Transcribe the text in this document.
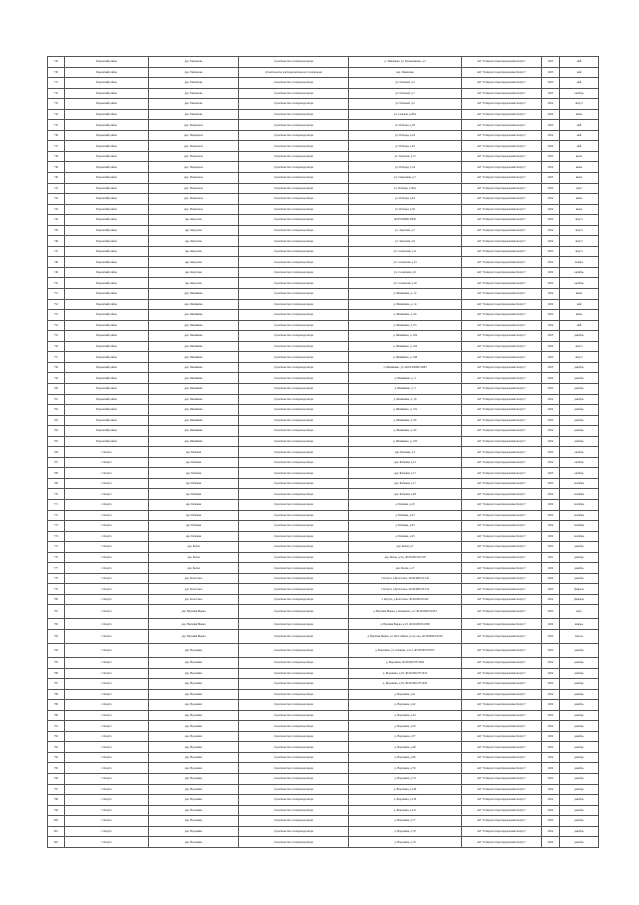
729	Боровский район	дер. Тимашово	строительство газопровода ввода	д. Тимашово, ул. Бельшенкова, д.3	АО "Газпром газораспределение Калуга"	2023	май
730	Боровский район	дер. Тимашово	строительство распределительного газопровода	дер. Тимашово	АО "Газпром газораспределение Калуга"	2023	май
731	Боровский район	дер. Тимашово	строительство газопровода ввода	ул. Полевой, д.3	АО "Газпром газораспределение Калуга"	2023	май
732	Боровский район	дер. Тимашово	строительство газопровода ввода	ул. Полевой, д.7	АО "Газпром газораспределение Калуга"	2023	октябрь
733	Боровский район	дер. Тимашово	строительство газопровода ввода	ул. Полевой, д.5	АО "Газпром газораспределение Калуга"	2022	август
734	Боровский район	дер. Тимашово	строительство газопровода ввода	ул. Садовая, д.45А	АО "Газпром газораспределение Калуга"	2022	июнь
735	Боровский район	дер. Уваровское	строительство газопровода ввода	ул. Победы, д.39	АО "Газпром газораспределение Калуга"	2022	май
736	Боровский район	дер. Уваровское	строительство газопровода ввода	ул. Победы, д.43	АО "Газпром газораспределение Калуга"	2022	май
737	Боровский район	дер. Уваровское	строительство газопровода ввода	ул. Победы, д.45	АО "Газпром газораспределение Калуга"	2022	май
738	Боровский район	дер. Уваровское	строительство газопровода ввода	ул. Заречная, д.13	АО "Газпром газораспределение Калуга"	2023	июль
739	Боровский район	дер. Уваровское	строительство газопровода ввода	ул. Победы, д.34	АО "Газпром газораспределение Калуга"	2022	июнь
740	Боровский район	дер. Уваровское	строительство газопровода ввода	ул. Сиреневая, д.7	АО "Газпром газораспределение Калуга"	2023	июнь
741	Боровский район	дер. Уваровское	строительство газопровода ввода	ул. Победы, д.50А	АО "Газпром газораспределение Калуга"	2022	март
742	Боровский район	дер. Уваровское	строительство газопровода ввода	ул. Победы, д.43	АО "Газпром газораспределение Калуга"	2022	июнь
743	Боровский район	дер. Уваровское	строительство газопровода ввода	ул. Победы, д.50	АО "Газпром газораспределение Калуга"	2022	июнь
744	Боровский район	дер. Федотово	строительство газопровода ввода	40:03:040001:0030	АО "Газпром газораспределение Калуга"	2022	август
745	Боровский район	дер. Федотово	строительство газопровода ввода	ул. Заречная, д.7	АО "Газпром газораспределение Калуга"	2022	август
746	Боровский район	дер. Федотово	строительство газопровода ввода	ул. Заречная, д.9	АО "Газпром газораспределение Калуга"	2022	август
747	Боровский район	дер. Федотово	строительство газопровода ввода	ул. Солнечная, д.11	АО "Газпром газораспределение Калуга"	2023	август
748	Боровский район	дер. Федотово	строительство газопровода ввода	ул. Солнечная, д.13	АО "Газпром газораспределение Калуга"	2022	ноябрь
749	Боровский район	дер. Федотово	строительство газопровода ввода	ул. Солнечная, д.9	АО "Газпром газораспределение Калуга"	2022	октябрь
750	Боровский район	дер. Федотово	строительство газопровода ввода	ул. Солнечная, д.16	АО "Газпром газораспределение Калуга"	2022	октябрь
751	Боровский район	дер. Шемякино	строительство газопровода ввода	д. Шемякино, д. 12	АО "Газпром газораспределение Калуга"	2022	июнь
752	Боровский район	дер. Шемякино	строительство газопровода ввода	д. Шемякино, д. 14	АО "Газпром газораспределение Калуга"	2022	май
753	Боровский район	дер. Шемякино	строительство газопровода ввода	д. Шемякино, д. 60	АО "Газпром газораспределение Калуга"	2022	июнь
754	Боровский район	дер. Шемякино	строительство газопровода ввода	д. Шемякино, д. 63	АО "Газпром газораспределение Калуга"	2022	май
755	Боровский район	дер. Шемякино	строительство газопровода ввода	д. Шемякино, д. 104	АО "Газпром газораспределение Калуга"	2023	декабрь
756	Боровский район	дер. Шемякино	строительство газопровода ввода	д. Шемякино, д. 104	АО "Газпром газораспределение Калуга"	2022	август
757	Боровский район	дер. Шемякино	строительство газопровода ввода	д. Шемякино, д. 108	АО "Газпром газораспределение Калуга"	2022	август
758	Боровский район	дер. Шемякино	строительство газопровода ввода	д. Шемякино, уч. 40:03:020801:0083	АО "Газпром газораспределение Калуга"	2023	декабрь
759	Боровский район	дер. Шемякино	строительство газопровода ввода	д. Шемякино, д. 3	АО "Газпром газораспределение Калуга"	2022	декабрь
760	Боровский район	дер. Шемякино	строительство газопровода ввода	д. Шемякино, д. 3	АО "Газпром газораспределение Калуга"	2023	декабрь
761	Боровский район	дер. Шемякино	строительство газопровода ввода	д. Шемякино, д. 16	АО "Газпром газораспределение Калуга"	2022	декабрь
762	Боровский район	дер. Шемякино	строительство газопровода ввода	д. Шемякино, д. 72а	АО "Газпром газораспределение Калуга"	2022	декабрь
763	Боровский район	дер. Шемякино	строительство газопровода ввода	д. Шемякино, д. 96	АО "Газпром газораспределение Калуга"	2022	декабрь
764	Боровский район	дер. Шемякино	строительство газопровода ввода	д. Шемякино, д. 92	АО "Газпром газораспределение Калуга"	2022	декабрь
765	Боровский район	дер. Шемякино	строительство газопровода ввода	д. Шемякино, д. 102	АО "Газпром газораспределение Калуга"	2022	декабрь
766	г. Калуга	дер. Бабенки	строительство газопровода ввода	дер. Бабенки, д.3	АО "Газпром газораспределение Калуга"	2022	октябрь
767	г. Калуга	дер. Бабенки	строительство газопровода ввода	дер. Бабенки, д.12	АО "Газпром газораспределение Калуга"	2022	октябрь
768	г. Калуга	дер. Бабенки	строительство газопровода ввода	дер. Бабенки, д.17	АО "Газпром газораспределение Калуга"	2023	октябрь
769	г. Калуга	дер. Бабенки	строительство газопровода ввода	дер. Бабенки, д.17	АО "Газпром газораспределение Калуга"	2023	сентябрь
770	г. Калуга	дер. Бабенки	строительство газопровода ввода	дер. Бабенки, д.28	АО "Газпром газораспределение Калуга"	2022	сентябрь
771	г. Калуга	дер. Бабенки	строительство газопровода ввода	д. Бабенки, д.10	АО "Газпром газораспределение Калуга"	2022	сентябрь
772	г. Калуга	дер. Бабенки	строительство газопровода ввода	д. Бабенки, д.33	АО "Газпром газораспределение Калуга"	2022	сентябрь
773	г. Калуга	дер. Бабенки	строительство газопровода ввода	д. Бабенки, д.43	АО "Газпром газораспределение Калуга"	2022	сентябрь
774	г. Калуга	дер. Бабенки	строительство газопровода ввода	д. Бабенки, д.45	АО "Газпром газораспределение Калуга"	2022	сентябрь
775	г. Калуга	дер. Белая	строительство газопровода ввода	дер. Белая, д.7	АО "Газпром газораспределение Калуга"	2022	декабрь
776	г. Калуга	дер. Белая	строительство газопровода ввода	дер. Белая, д.3 в, 40:26:000116:318	АО "Газпром газораспределение Калуга"	2021	декабрь
777	г. Калуга	дер. Белая	строительство газопровода ввода	дер. Белая, д.17	АО "Газпром газораспределение Калуга"	2022	декабрь
778	г. Калуга	дер. Болотское	строительство газопровода ввода	г. Калуга, д.Болотское, 40:26:000116:142	АО "Газпром газораспределение Калуга"	2022	декабрь
779	г. Калуга	дер. Болотское	строительство газопровода ввода	г. Калуга, д.Болотское, 40:26:000116:134	АО "Газпром газораспределение Калуга"	2022	февраль
780	г. Калуга	дер. Болотское	строительство газопровода ввода	г. Калуга, д.Болотское, 40:26:000116:69	АО "Газпром газораспределение Калуга"	2022	февраль
781	г. Калуга	дер. Верхняя Вырка	строительство газопровода ввода	д. Верхняя Вырка, д.Ломакино, д.3, 40:26:000234:253	АО "Газпром газораспределение Калуга"	2023	март
782	г. Калуга	дер. Верхняя Вырка	строительство газопровода ввода	д. Верхняя Вырка, д.19, 40:26:000234:309	АО "Газпром газораспределение Калуга"	2022	январь
783	г. Калуга	дер. Верхняя Вырка	строительство газопровода ввода	д. Верхняя Вырка, ул. Шоссейная, д.11а, кад. 40:26:000234:226	АО "Газпром газораспределение Калуга"	2022	апрель
784	г. Калуга	дер. Воронина	строительство газопровода ввода	д. Воронина, ул. Озерная, уч.11, 40:26:000178:037	АО "Газпром газораспределение Калуга"	2022	декабрь
785	г. Калуга	дер. Воронина	строительство газопровода ввода	д. Воронина, 40:26:000178:1094	АО "Газпром газораспределение Калуга"	2022	декабрь
786	г. Калуга	дер. Воронина	строительство газопровода ввода	д. Воронина, д.18, 40:26:000178:1452	АО "Газпром газораспределение Калуга"	2022	декабрь
787	г. Калуга	дер. Воронина	строительство газопровода ввода	д. Воронина, д.18, 40:26:000178:1463	АО "Газпром газораспределение Калуга"	2022	декабрь
788	г. Калуга	дер. Воронина	строительство газопровода ввода	д. Воронина, д.41	АО "Газпром газораспределение Калуга"	2022	декабрь
789	г. Калуга	дер. Воронина	строительство газопровода ввода	д. Воронина, д.42	АО "Газпром газораспределение Калуга"	2022	декабрь
790	г. Калуга	дер. Воронина	строительство газопровода ввода	д. Воронина, д.44	АО "Газпром газораспределение Калуга"	2022	декабрь
791	г. Калуга	дер. Воронина	строительство газопровода ввода	д. Воронина, д.59	АО "Газпром газораспределение Калуга"	2022	декабрь
792	г. Калуга	дер. Воронина	строительство газопровода ввода	д. Воронина, д.37	АО "Газпром газораспределение Калуга"	2022	декабрь
793	г. Калуга	дер. Воронина	строительство газопровода ввода	д. Воронина, д.48	АО "Газпром газораспределение Калуга"	2022	декабрь
794	г. Калуга	дер. Воронина	строительство газопровода ввода	д. Воронина, д.66	АО "Газпром газораспределение Калуга"	2022	декабрь
795	г. Калуга	дер. Воронина	строительство газопровода ввода	д. Воронина, д.70	АО "Газпром газораспределение Калуга"	2022	декабрь
796	г. Калуга	дер. Воронина	строительство газопровода ввода	д. Воронина, д.74	АО "Газпром газораспределение Калуга"	2022	декабрь
797	г. Калуга	дер. Воронина	строительство газопровода ввода	д. Воронина, д.149	АО "Газпром газораспределение Калуга"	2022	декабрь
798	г. Калуга	дер. Воронина	строительство газопровода ввода	д. Воронина, д.150	АО "Газпром газораспределение Калуга"	2022	декабрь
799	г. Калуга	дер. Воронина	строительство газопровода ввода	д. Воронина, д.151	АО "Газпром газораспределение Калуга"	2022	декабрь
800	г. Калуга	дер. Воронина	строительство газопровода ввода	д. Воронина, д.77	АО "Газпром газораспределение Калуга"	2022	декабрь
801	г. Калуга	дер. Воронина	строительство газопровода ввода	д. Воронина, д.78	АО "Газпром газораспределение Калуга"	2022	декабрь
802	г. Калуга	дер. Воронина	строительство газопровода ввода	д. Воронина, д.79	АО "Газпром газораспределение Калуга"	2022	декабрь
